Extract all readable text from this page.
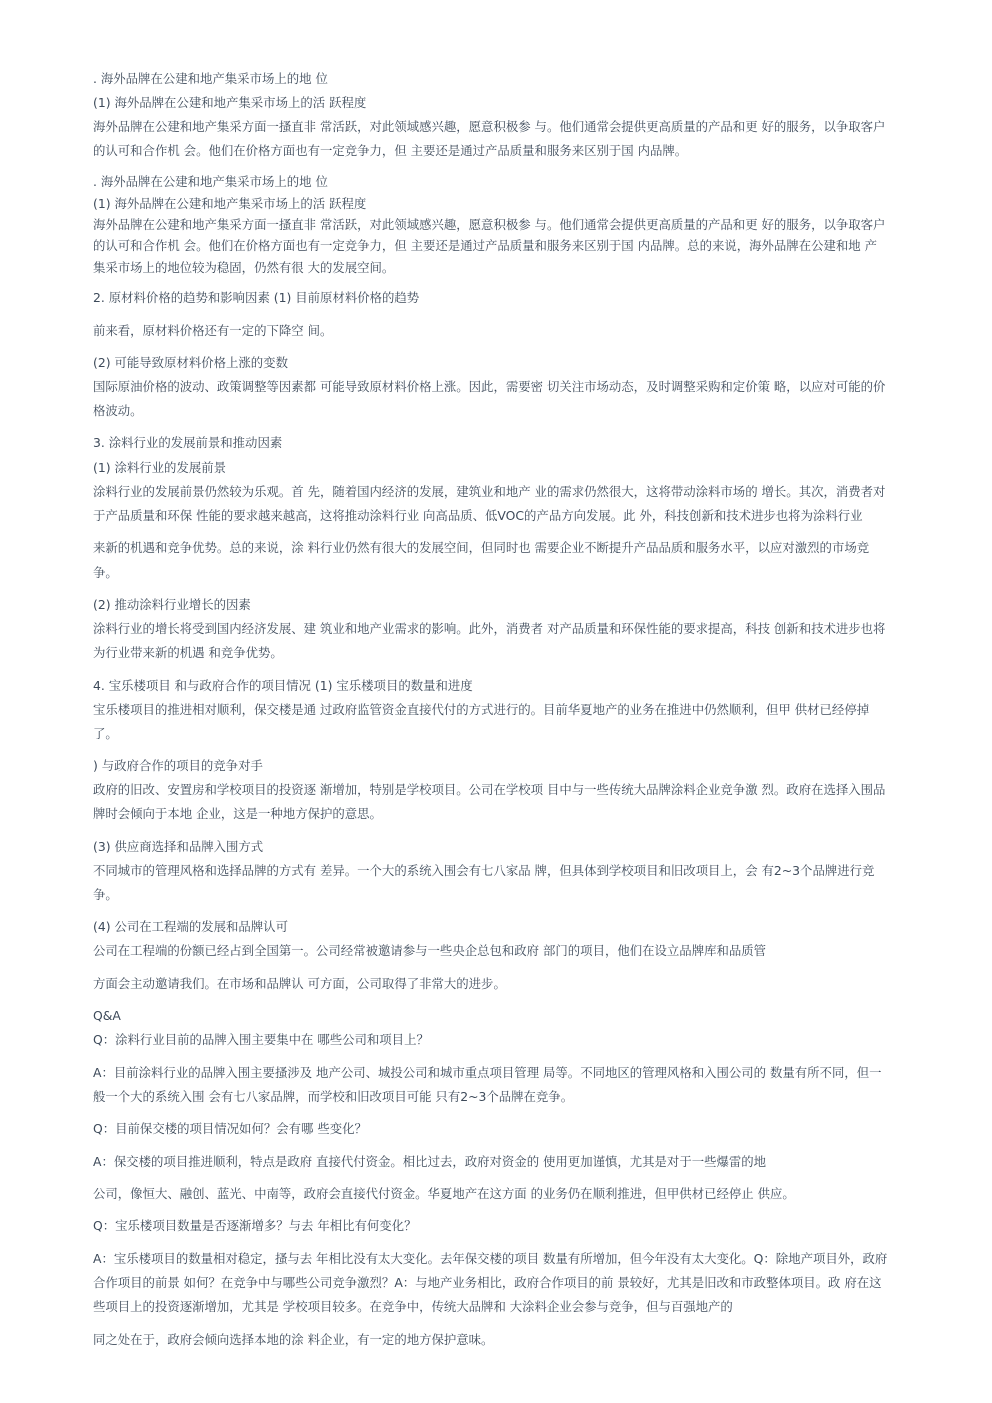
. 海外品牌在公建和地产集采市场上的地 位
(1) 海外品牌在公建和地产集采市场上的活 跃程度
海外品牌在公建和地产集采方面一搔直非 常活跃，对此领域感兴趣，愿意积极参 与。他们通常会提供更高质量的产品和更 好的服务，以争取客户
的认可和合作机 会。他们在价格方面也有一定竞争力，但 主要还是通过产品质量和服务来区别于国 内品牌。
. 海外品牌在公建和地产集采市场上的地 位
(1) 海外品牌在公建和地产集采市场上的活 跃程度
海外品牌在公建和地产集采方面一搔直非 常活跃，对此领域感兴趣，愿意积极参 与。他们通常会提供更高质量的产品和更 好的服务，以争取客户
的认可和合作机 会。他们在价格方面也有一定竞争力，但 主要还是通过产品质量和服务来区别于国 内品牌。总的来说，海外品牌在公建和地 产
集采市场上的地位较为稳固，仍然有很 大的发展空间。
2. 原材料价格的趋势和影响因素 (1) 目前原材料价格的趋势
前来看，原材料价格还有一定的下降空 间。
(2) 可能导致原材料价格上涨的变数
国际原油价格的波动、政策调整等因素都 可能导致原材料价格上涨。因此，需要密 切关注市场动态，及时调整采购和定价策 略，以应对可能的价
格波动。
3. 涂料行业的发展前景和推动因素
(1) 涂料行业的发展前景
涂料行业的发展前景仍然较为乐观。首 先，随着国内经济的发展，建筑业和地产 业的需求仍然很大，这将带动涂料市场的 增长。其次，消费者对
于产品质量和环保 性能的要求越来越高，这将推动涂料行业 向高品质、低VOC的产品方向发展。此 外，科技创新和技术进步也将为涂料行业
来新的机遇和竞争优势。总的来说，涂 料行业仍然有很大的发展空间，但同时也 需要企业不断提升产品品质和服务水平，以应对激烈的市场竞
争。
(2) 推动涂料行业增长的因素
涂料行业的增长将受到国内经济发展、建 筑业和地产业需求的影响。此外，消费者 对产品质量和环保性能的要求提高，科技 创新和技术进步也将
为行业带来新的机遇 和竞争优势。
4. 宝乐楼项目 和与政府合作的项目情况 (1) 宝乐楼项目的数量和进度
宝乐楼项目的推进相对顺利，保交楼是通 过政府监管资金直接代付的方式进行的。目前华夏地产的业务在推进中仍然顺利，但甲 供材已经停掉
了。
) 与政府合作的项目的竞争对手
政府的旧改、安置房和学校项目的投资逐 渐增加，特别是学校项目。公司在学校项 目中与一些传统大品牌涂料企业竞争激 烈。政府在选择入围品
牌时会倾向于本地 企业，这是一种地方保护的意思。
(3) 供应商选择和品牌入围方式
不同城市的管理风格和选择品牌的方式有 差异。一个大的系统入围会有七八家品 牌，但具体到学校项目和旧改项目上，会 有2~3个品牌进行竞
争。
(4) 公司在工程端的发展和品牌认可
公司在工程端的份额已经占到全国第一。公司经常被邀请参与一些央企总包和政府 部门的项目，他们在设立品牌库和品质管
方面会主动邀请我们。在市场和品牌认 可方面，公司取得了非常大的进步。
Q&A
Q：涂料行业目前的品牌入围主要集中在 哪些公司和项目上？
A：目前涂料行业的品牌入围主要搔涉及 地产公司、城投公司和城市重点项目管理 局等。不同地区的管理风格和入围公司的 数量有所不同，但一
般一个大的系统入围 会有七八家品牌，而学校和旧改项目可能 只有2~3个品牌在竞争。
Q：目前保交楼的项目情况如何？会有哪 些变化？
A：保交楼的项目推进顺利，特点是政府 直接代付资金。相比过去，政府对资金的 使用更加谨慎，尤其是对于一些爆雷的地
公司，像恒大、融创、蓝光、中南等，政府会直接代付资金。华夏地产在这方面 的业务仍在顺利推进，但甲供材已经停止 供应。
Q：宝乐楼项目数量是否逐渐增多？与去 年相比有何变化？
A：宝乐楼项目的数量相对稳定，搔与去 年相比没有太大变化。去年保交楼的项目 数量有所增加，但今年没有太大变化。Q：除地产项目外，政府
合作项目的前景 如何？在竞争中与哪些公司竞争激烈？A：与地产业务相比，政府合作项目的前 景较好，尤其是旧改和市政整体项目。政 府在这
些项目上的投资逐渐增加，尤其是 学校项目较多。在竞争中，传统大品牌和 大涂料企业会参与竞争，但与百强地产的
同之处在于，政府会倾向选择本地的涂 料企业，有一定的地方保护意味。
